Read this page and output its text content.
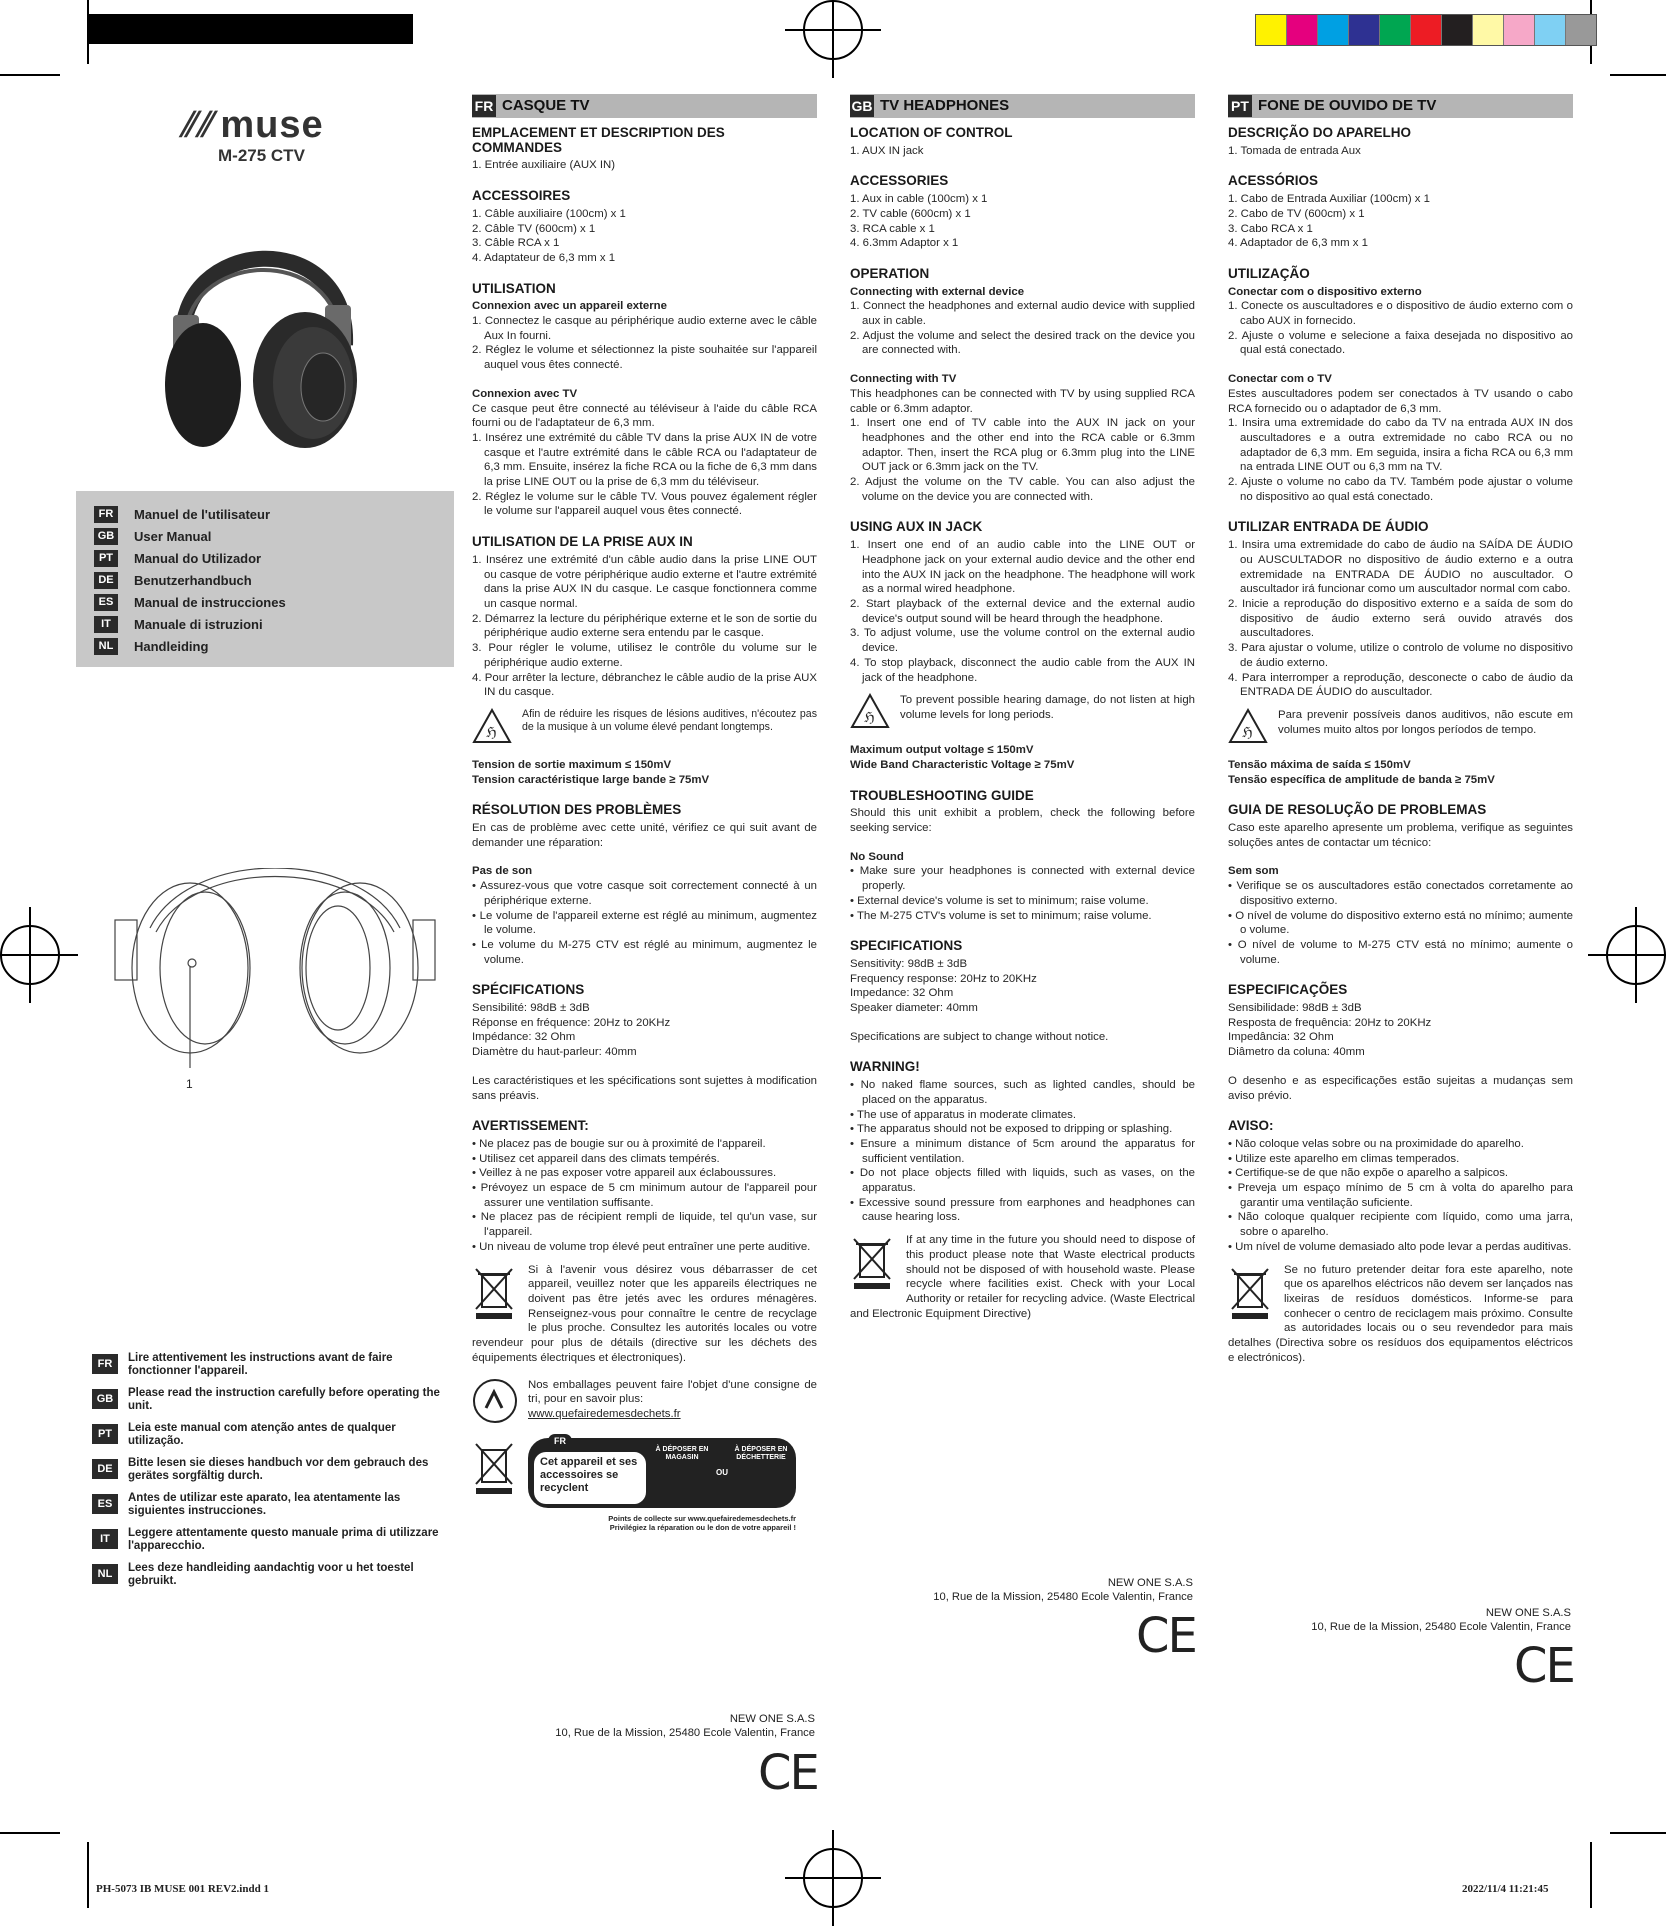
⫽⫽ muse
M-275 CTV
FR	Manuel de l'utilisateur
GB User Manual
PT	Manual do Utilizador
DE	Benutzerhandbuch
ES	Manual de instrucciones
IT	Manuale di istruzioni
NL	Handleiding
1
FR	Lire attentivement les instructions avant de faire fonctionner l'appareil.
GB	Please read the instruction carefully before operating the unit.
PT	Leia este manual com atenção antes de qualquer utilização.
DE	Bitte lesen sie dieses handbuch vor dem gebrauch des gerätes sorgfältig durch.
ES	Antes de utilizar este aparato, lea atentamente las siguientes instrucciones.
IT	Leggere attentamente questo manuale prima di utilizzare l'apparecchio.
NL	Lees deze handleiding aandachtig voor u het toestel gebruikt.
FR CASQUE TV
EMPLACEMENT ET DESCRIPTION DES COMMANDES

1. Entrée auxiliaire (AUX IN)

ACCESSOIRES
1. Câble auxiliaire (100cm) x 1
2. Câble TV (600cm) x 1
3. Câble RCA x 1
4. Adaptateur de 6,3 mm x 1
UTILISATION

Connexion avec un appareil externe

1. Connectez le casque au périphérique audio externe avec le câble Aux In fourni.
2. Réglez le volume et sélectionnez la piste souhaitée sur l'appareil auquel vous êtes connecté.

Connexion avec TV

Ce casque peut être connecté au téléviseur à l'aide du câble RCA fourni ou de l'adaptateur de 6,3 mm.

1. Insérez une extrémité du câble TV dans la prise AUX IN de votre casque et l'autre extrémité dans le câble RCA ou l'adaptateur de 6,3 mm. Ensuite, insérez la fiche RCA ou la fiche de 6,3 mm dans la prise LINE OUT ou la prise de 6,3 mm du téléviseur.
2. Réglez le volume sur le câble TV. Vous pouvez également régler le volume sur l'appareil auquel vous êtes connecté.
UTILISATION DE LA PRISE AUX IN
1. Insérez une extrémité d'un câble audio dans la prise LINE OUT ou casque de votre périphérique audio externe et l'autre extrémité dans la prise AUX IN du casque. Le casque fonctionnera comme un casque normal.
2. Démarrez la lecture du périphérique externe et le son de sortie du périphérique audio externe sera entendu par le casque.
3. Pour régler le volume, utilisez le contrôle du volume sur le périphérique audio externe.
4. Pour arrêter la lecture, débranchez le câble audio de la prise AUX IN du casque.
ℌ

Afin de réduire les risques de lésions auditives, n'écoutez pas de la musique à un volume élevé pendant longtemps.

Tension de sortie maximum ≤ 150mV

Tension caractéristique large bande ≥ 75mV

RÉSOLUTION DES PROBLÈMES

En cas de problème avec cette unité, vérifiez ce qui suit avant de demander une réparation:

Pas de son

• Assurez-vous que votre casque soit correctement connecté à un périphérique externe.
• Le volume de l'appareil externe est réglé au minimum, augmentez le volume.
• Le volume du M-275 CTV est réglé au minimum, augmentez le volume.
SPÉCIFICATIONS
Sensibilité: 98dB ± 3dB
Réponse en fréquence: 20Hz to 20KHz
Impédance: 32 Ohm
Diamètre du haut-parleur: 40mm

Les caractéristiques et les spécifications sont sujettes à modification sans préavis.

AVERTISSEMENT:
• Ne placez pas de bougie sur ou à proximité de l'appareil.
• Utilisez cet appareil dans des climats tempérés.
• Veillez à ne pas exposer votre appareil aux éclaboussures.
• Prévoyez un espace de 5 cm minimum autour de l'appareil pour assurer une ventilation suffisante.
• Ne placez pas de récipient rempli de liquide, tel qu'un vase, sur l'appareil.
• Un niveau de volume trop élevé peut entraîner une perte auditive.

Si à l'avenir vous désirez vous débarrasser de cet appareil, veuillez noter que les appareils électriques ne doivent pas être jetés avec les ordures ménagères. Renseignez-vous pour connaître le centre de recyclage le plus proche. Consultez les autorités locales ou votre revendeur pour plus de détails (directive sur les déchets des équipements électriques et électroniques).

Nos emballages peuvent faire l'objet d'une consigne de tri, pour en savoir plus:

www.quefairedemesdechets.fr

FR
Cet appareil et ses accessoires se recyclent
À DÉPOSER EN MAGASIN
OU
À DÉPOSER EN DÉCHETTERIE
Points de collecte sur www.quefairedemesdechets.fr
Privilégiez la réparation ou le don de votre appareil !
GB TV HEADPHONES
LOCATION OF CONTROL

1. AUX IN jack

ACCESSORIES
1. Aux in cable (100cm) x 1
2. TV cable (600cm) x 1
3. RCA cable x 1
4. 6.3mm Adaptor x 1
OPERATION

Connecting with external device

1. Connect the headphones and external audio device with supplied aux in cable.
2. Adjust the volume and select the desired track on the device you are connected with.

Connecting with TV

This headphones can be connected with TV by using supplied RCA cable or 6.3mm adaptor.

1. Insert one end of TV cable into the AUX IN jack on your headphones and the other end into the RCA cable or 6.3mm adaptor. Then, insert the RCA plug or 6.3mm plug into the LINE OUT jack or 6.3mm jack on the TV.
2. Adjust the volume on the TV cable. You can also adjust the volume on the device you are connected with.
USING AUX IN JACK
1. Insert one end of an audio cable into the LINE OUT or Headphone jack on your external audio device and the other end into the AUX IN jack on the headphone. The headphone will work as a normal wired headphone.
2. Start playback of the external device and the external audio device's output sound will be heard through the headphone.
3. To adjust volume, use the volume control on the external audio device.
4. To stop playback, disconnect the audio cable from the AUX IN jack of the headphone.
ℌ

To prevent possible hearing damage, do not listen at high volume levels for long periods.

Maximum output voltage ≤ 150mV

Wide Band Characteristic Voltage ≥ 75mV

TROUBLESHOOTING GUIDE

Should this unit exhibit a problem, check the following before seeking service:

No Sound

• Make sure your headphones is connected with external device properly.
• External device's volume is set to minimum; raise volume.
• The M-275 CTV's volume is set to minimum; raise volume.
SPECIFICATIONS
Sensitivity: 98dB ± 3dB
Frequency response: 20Hz to 20KHz
Impedance: 32 Ohm
Speaker diameter: 40mm

Specifications are subject to change without notice.

WARNING!
• No naked flame sources, such as lighted candles, should be placed on the apparatus.
• The use of apparatus in moderate climates.
• The apparatus should not be exposed to dripping or splashing.
• Ensure a minimum distance of 5cm around the apparatus for sufficient ventilation.
• Do not place objects filled with liquids, such as vases, on the apparatus.
• Excessive sound pressure from earphones and headphones can cause hearing loss.

If at any time in the future you should need to dispose of this product please note that Waste electrical products should not be disposed of with household waste. Please recycle where facilities exist. Check with your Local Authority or retailer for recycling advice. (Waste Electrical and Electronic Equipment Directive)

PT FONE DE OUVIDO DE TV
DESCRIÇÃO DO APARELHO

1. Tomada de entrada Aux

ACESSÓRIOS
1. Cabo de Entrada Auxiliar (100cm) x 1
2. Cabo de TV (600cm) x 1
3. Cabo RCA x 1
4. Adaptador de 6,3 mm x 1
UTILIZAÇÃO

Conectar com o dispositivo externo

1. Conecte os auscultadores e o dispositivo de áudio externo com o cabo AUX in fornecido.
2. Ajuste o volume e selecione a faixa desejada no dispositivo ao qual está conectado.

Conectar com o TV

Estes auscultadores podem ser conectados à TV usando o cabo RCA fornecido ou o adaptador de 6,3 mm.

1. Insira uma extremidade do cabo da TV na entrada AUX IN dos auscultadores e a outra extremidade no cabo RCA ou no adaptador de 6,3 mm. Em seguida, insira a ficha RCA ou 6,3 mm na entrada LINE OUT ou 6,3 mm na TV.
2. Ajuste o volume no cabo da TV. Também pode ajustar o volume no dispositivo ao qual está conectado.
UTILIZAR ENTRADA DE ÁUDIO
1. Insira uma extremidade do cabo de áudio na SAÍDA DE ÁUDIO ou AUSCULTADOR no dispositivo de áudio externo e a outra extremidade na ENTRADA DE ÁUDIO no auscultador. O auscultador irá funcionar como um auscultador normal com cabo.
2. Inicie a reprodução do dispositivo externo e a saída de som do dispositivo de áudio externo será ouvido através dos auscultadores.
3. Para ajustar o volume, utilize o controlo de volume no dispositivo de áudio externo.
4. Para interromper a reprodução, desconecte o cabo de áudio da ENTRADA DE ÁUDIO do auscultador.
ℌ

Para prevenir possíveis danos auditivos, não escute em volumes muito altos por longos períodos de tempo.

Tensão máxima de saída ≤ 150mV

Tensão específica de amplitude de banda ≥ 75mV

GUIA DE RESOLUÇÃO DE PROBLEMAS

Caso este aparelho apresente um problema, verifique as seguintes soluções antes de contactar um técnico:

Sem som

• Verifique se os auscultadores estão conectados corretamente ao dispositivo externo.
• O nível de volume do dispositivo externo está no mínimo; aumente o volume.
• O nível de volume to M-275 CTV está no mínimo; aumente o volume.
ESPECIFICAÇÕES
Sensibilidade: 98dB ± 3dB
Resposta de frequência: 20Hz to 20KHz
Impedância: 32 Ohm
Diâmetro da coluna: 40mm

O desenho e as especificações estão sujeitas a mudanças sem aviso prévio.

AVISO:
• Não coloque velas sobre ou na proximidade do aparelho.
• Utilize este aparelho em climas temperados.
• Certifique-se de que não expõe o aparelho a salpicos.
• Preveja um espaço mínimo de 5 cm à volta do aparelho para garantir uma ventilação suficiente.
• Não coloque qualquer recipiente com líquido, como uma jarra, sobre o aparelho.
• Um nível de volume demasiado alto pode levar a perdas auditivas.

Se no futuro pretender deitar fora este aparelho, note que os aparelhos eléctricos não devem ser lançados nas lixeiras de resíduos domésticos. Informe-se para conhecer o centro de reciclagem mais próximo. Consulte as autoridades locais ou o seu revendedor para mais detalhes (Directiva sobre os resíduos dos equipamentos eléctricos e electrónicos).

NEW ONE S.A.S
10, Rue de la Mission, 25480 Ecole Valentin, France
CE
NEW ONE S.A.S
10, Rue de la Mission, 25480 Ecole Valentin, France
CE	NEW ONE S.A.S
10, Rue de la Mission, 25480 Ecole Valentin, France
CE
PH-5073 IB MUSE 001 REV2.indd 1	2022/11/4 11:21:45
